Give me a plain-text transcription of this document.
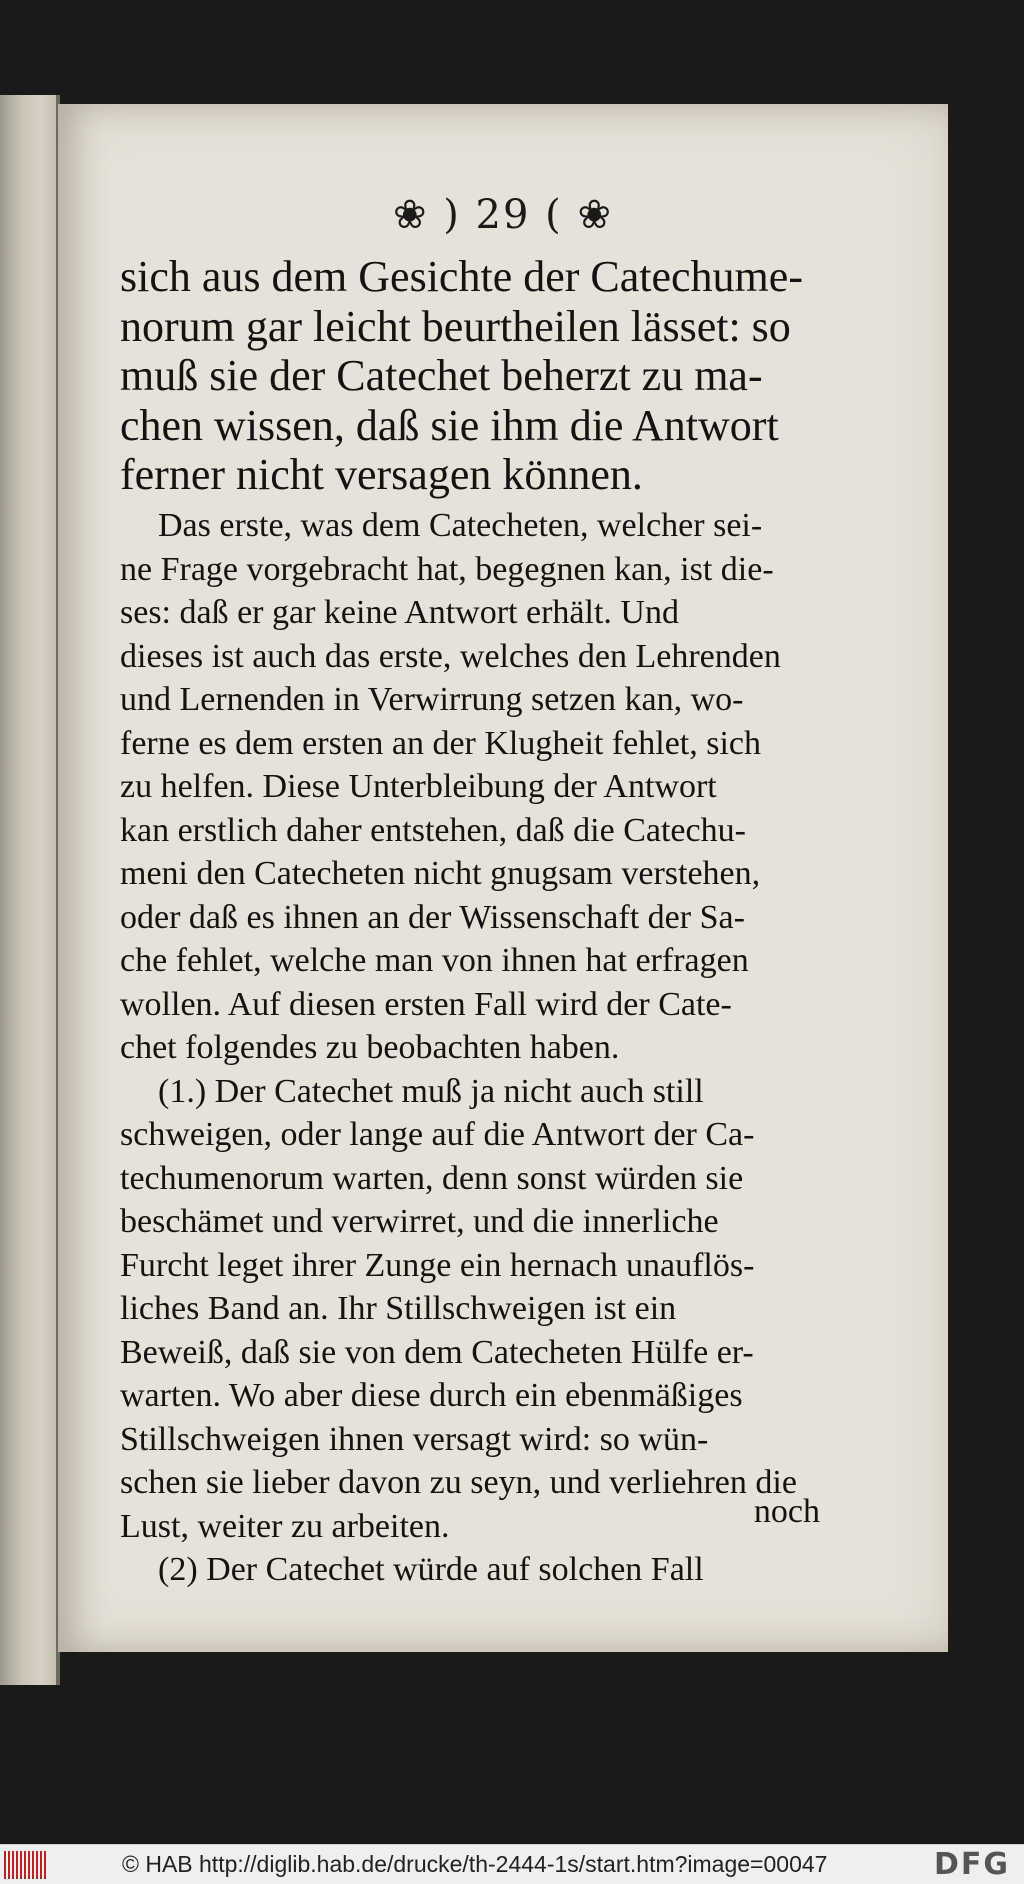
❀ ) 29 ( ❀
sich aus dem Gesichte der Catechume-
norum gar leicht beurtheilen lässet: so
muß sie der Catechet beherzt zu ma-
chen wissen, daß sie ihm die Antwort
ferner nicht versagen können.
Das erste, was dem Catecheten, welcher sei-
ne Frage vorgebracht hat, begegnen kan, ist die-
ses: daß er gar keine Antwort erhält. Und
dieses ist auch das erste, welches den Lehrenden
und Lernenden in Verwirrung setzen kan, wo-
ferne es dem ersten an der Klugheit fehlet, sich
zu helfen. Diese Unterbleibung der Antwort
kan erstlich daher entstehen, daß die Catechu-
meni den Catecheten nicht gnugsam verstehen,
oder daß es ihnen an der Wissenschaft der Sa-
che fehlet, welche man von ihnen hat erfragen
wollen. Auf diesen ersten Fall wird der Cate-
chet folgendes zu beobachten haben.
(1.) Der Catechet muß ja nicht auch still
schweigen, oder lange auf die Antwort der Ca-
techumenorum warten, denn sonst würden sie
beschämet und verwirret, und die innerliche
Furcht leget ihrer Zunge ein hernach unauflös-
liches Band an. Ihr Stillschweigen ist ein
Beweiß, daß sie von dem Catecheten Hülfe er-
warten. Wo aber diese durch ein ebenmäßiges
Stillschweigen ihnen versagt wird: so wün-
schen sie lieber davon zu seyn, und verliehren die
Lust, weiter zu arbeiten.
(2) Der Catechet würde auf solchen Fall
noch
© HAB http://diglib.hab.de/drucke/th-2444-1s/start.htm?image=00047	DFG
